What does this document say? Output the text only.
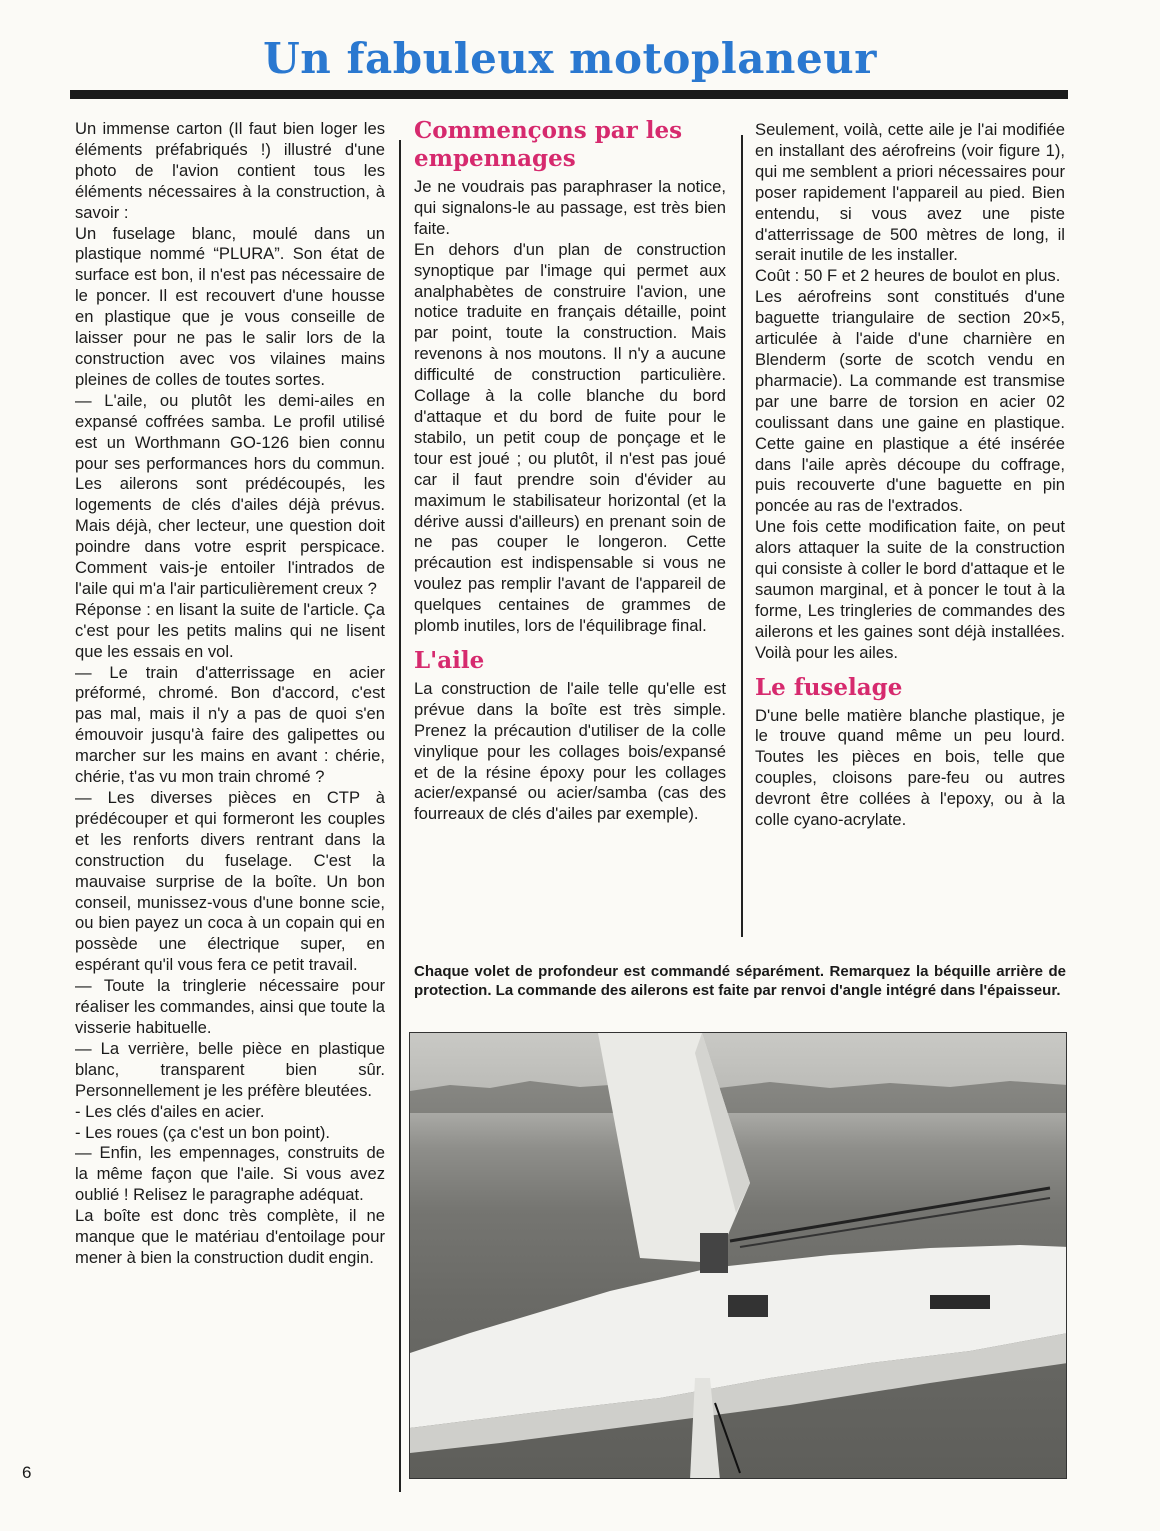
Un fabuleux motoplaneur

Un immense carton (Il faut bien loger les éléments préfabriqués !) illustré d'une photo de l'avion contient tous les éléments nécessaires à la construction, à savoir :

Un fuselage blanc, moulé dans un plastique nommé “PLURA”. Son état de surface est bon, il n'est pas nécessaire de le poncer. Il est recouvert d'une housse en plastique que je vous conseille de laisser pour ne pas le salir lors de la construction avec vos vilaines mains pleines de colles de toutes sortes.

— L'aile, ou plutôt les demi-ailes en expansé coffrées samba. Le profil utilisé est un Worthmann GO-126 bien connu pour ses performances hors du commun. Les ailerons sont prédécoupés, les logements de clés d'ailes déjà prévus. Mais déjà, cher lecteur, une question doit poindre dans votre esprit perspicace. Comment vais-je entoiler l'intrados de l'aile qui m'a l'air particulièrement creux ?

Réponse : en lisant la suite de l'article. Ça c'est pour les petits malins qui ne lisent que les essais en vol.

— Le train d'atterrissage en acier préformé, chromé. Bon d'accord, c'est pas mal, mais il n'y a pas de quoi s'en émouvoir jusqu'à faire des galipettes ou marcher sur les mains en avant : chérie, chérie, t'as vu mon train chromé ?

— Les diverses pièces en CTP à prédécouper et qui formeront les couples et les renforts divers rentrant dans la construction du fuselage. C'est la mauvaise surprise de la boîte. Un bon conseil, munissez-vous d'une bonne scie, ou bien payez un coca à un copain qui en possède une électrique super, en espérant qu'il vous fera ce petit travail.

— Toute la tringlerie nécessaire pour réaliser les commandes, ainsi que toute la visserie habituelle.

— La verrière, belle pièce en plastique blanc, transparent bien sûr. Personnellement je les préfère bleutées.

- Les clés d'ailes en acier.

- Les roues (ça c'est un bon point).

— Enfin, les empennages, construits de la même façon que l'aile. Si vous avez oublié ! Relisez le paragraphe adéquat.

La boîte est donc très complète, il ne manque que le matériau d'entoilage pour mener à bien la construction dudit engin.

Commençons par les empennages

Je ne voudrais pas paraphraser la notice, qui signalons-le au passage, est très bien faite.

En dehors d'un plan de construction synoptique par l'image qui permet aux analphabètes de construire l'avion, une notice traduite en français détaille, point par point, toute la construction. Mais revenons à nos moutons. Il n'y a aucune difficulté de construction particulière. Collage à la colle blanche du bord d'attaque et du bord de fuite pour le stabilo, un petit coup de ponçage et le tour est joué ; ou plutôt, il n'est pas joué car il faut prendre soin d'évider au maximum le stabilisateur horizontal (et la dérive aussi d'ailleurs) en prenant soin de ne pas couper le longeron. Cette précaution est indispensable si vous ne voulez pas remplir l'avant de l'appareil de quelques centaines de grammes de plomb inutiles, lors de l'équilibrage final.

L'aile

La construction de l'aile telle qu'elle est prévue dans la boîte est très simple. Prenez la précaution d'utiliser de la colle vinylique pour les collages bois/expansé et de la résine époxy pour les collages acier/expansé ou acier/samba (cas des fourreaux de clés d'ailes par exemple).

Seulement, voilà, cette aile je l'ai modifiée en installant des aérofreins (voir figure 1), qui me semblent a priori nécessaires pour poser rapidement l'appareil au pied. Bien entendu, si vous avez une piste d'atterrissage de 500 mètres de long, il serait inutile de les installer.

Coût : 50 F et 2 heures de boulot en plus.

Les aérofreins sont constitués d'une baguette triangulaire de section 20×5, articulée à l'aide d'une charnière en Blenderm (sorte de scotch vendu en pharmacie). La commande est transmise par une barre de torsion en acier 02 coulissant dans une gaine en plastique. Cette gaine en plastique a été insérée dans l'aile après découpe du coffrage, puis recouverte d'une baguette en pin poncée au ras de l'extrados.

Une fois cette modification faite, on peut alors attaquer la suite de la construction qui consiste à coller le bord d'attaque et le saumon marginal, et à poncer le tout à la forme, Les tringleries de commandes des ailerons et les gaines sont déjà installées. Voilà pour les ailes.

Le fuselage

D'une belle matière blanche plastique, je le trouve quand même un peu lourd. Toutes les pièces en bois, telle que couples, cloisons pare-feu ou autres devront être collées à l'epoxy, ou à la colle cyano-acrylate.

Chaque volet de profondeur est commandé séparément. Remarquez la béquille arrière de protection. La commande des ailerons est faite par renvoi d'angle intégré dans l'épaisseur.
6
